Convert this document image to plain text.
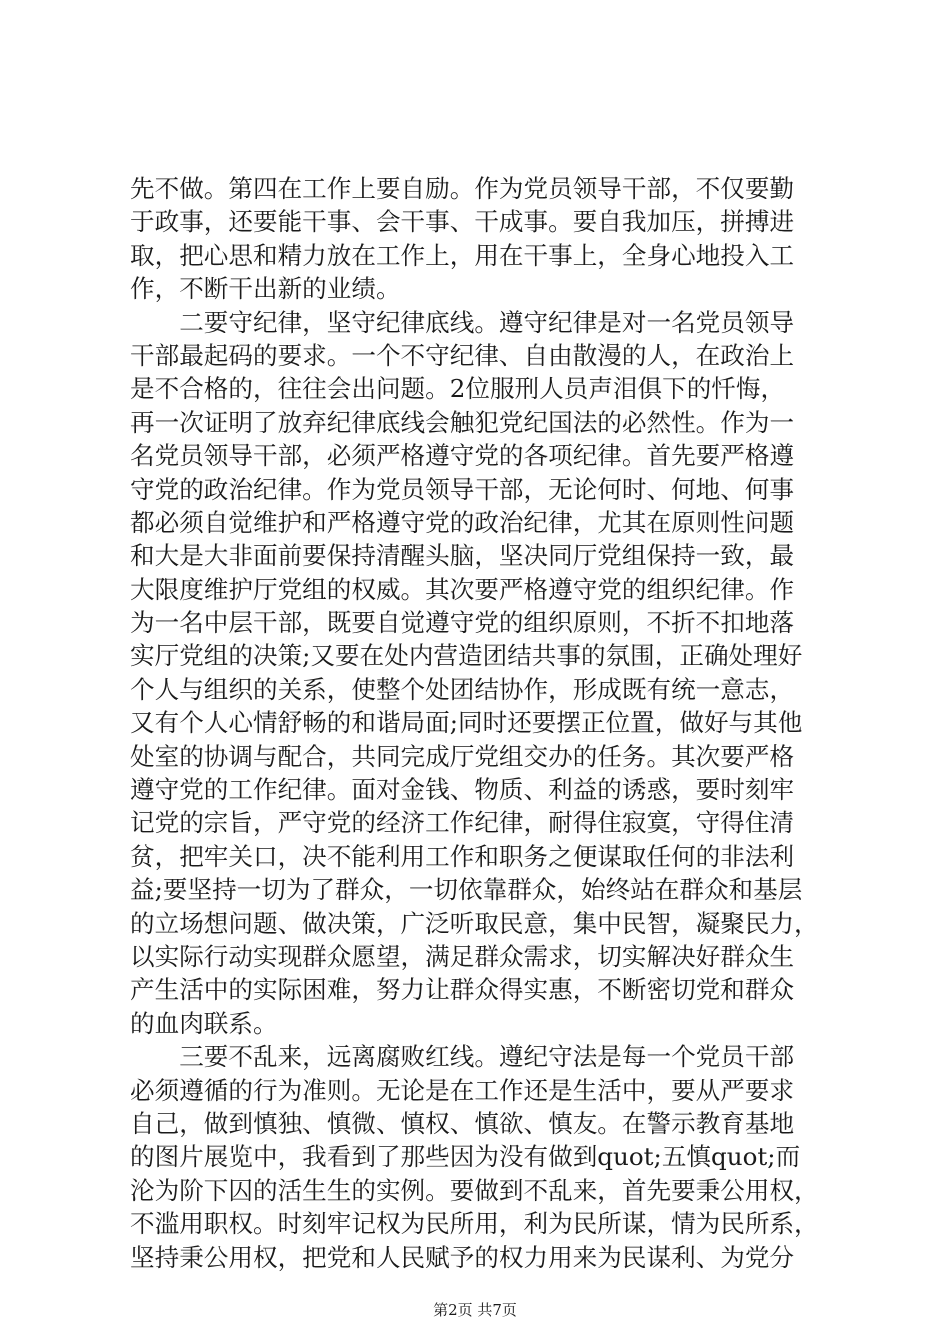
先不做。第四在工作上要自励。作为党员领导干部，不仅要勤
于政事，还要能干事、会干事、干成事。要自我加压，拼搏进
取，把心思和精力放在工作上，用在干事上，全身心地投入工
作，不断干出新的业绩。
　　二要守纪律，坚守纪律底线。遵守纪律是对一名党员领导
干部最起码的要求。一个不守纪律、自由散漫的人，在政治上
是不合格的，往往会出问题。2位服刑人员声泪俱下的忏悔，
再一次证明了放弃纪律底线会触犯党纪国法的必然性。作为一
名党员领导干部，必须严格遵守党的各项纪律。首先要严格遵
守党的政治纪律。作为党员领导干部，无论何时、何地、何事
都必须自觉维护和严格遵守党的政治纪律，尤其在原则性问题
和大是大非面前要保持清醒头脑，坚决同厅党组保持一致，最
大限度维护厅党组的权威。其次要严格遵守党的组织纪律。作
为一名中层干部，既要自觉遵守党的组织原则，不折不扣地落
实厅党组的决策;又要在处内营造团结共事的氛围，正确处理好
个人与组织的关系，使整个处团结协作，形成既有统一意志，
又有个人心情舒畅的和谐局面;同时还要摆正位置，做好与其他
处室的协调与配合，共同完成厅党组交办的任务。其次要严格
遵守党的工作纪律。面对金钱、物质、利益的诱惑，要时刻牢
记党的宗旨，严守党的经济工作纪律，耐得住寂寞，守得住清
贫，把牢关口，决不能利用工作和职务之便谋取任何的非法利
益;要坚持一切为了群众，一切依靠群众，始终站在群众和基层
的立场想问题、做决策，广泛听取民意，集中民智，凝聚民力，
以实际行动实现群众愿望，满足群众需求，切实解决好群众生
产生活中的实际困难，努力让群众得实惠，不断密切党和群众
的血肉联系。
　　三要不乱来，远离腐败红线。遵纪守法是每一个党员干部
必须遵循的行为准则。无论是在工作还是生活中，要从严要求
自己，做到慎独、慎微、慎权、慎欲、慎友。在警示教育基地
的图片展览中，我看到了那些因为没有做到quot;五慎quot;而
沦为阶下囚的活生生的实例。要做到不乱来，首先要秉公用权，
不滥用职权。时刻牢记权为民所用，利为民所谋，情为民所系，
坚持秉公用权，把党和人民赋予的权力用来为民谋利、为党分
第2页 共7页
